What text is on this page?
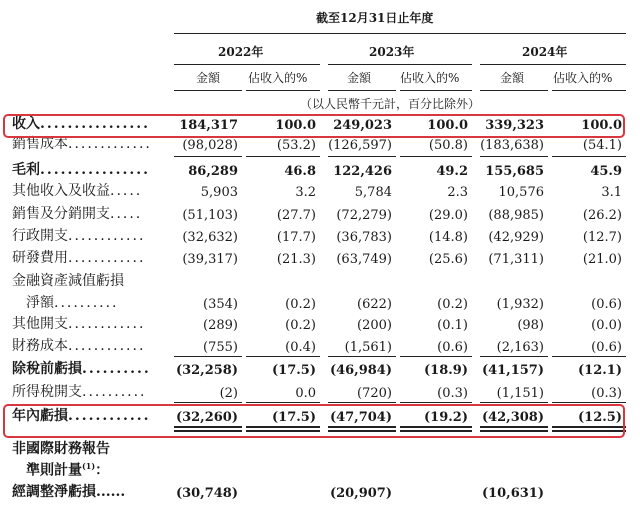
截至12月31日止年度
2022年	2023年	2024年
金額 佔收入的%	金額 佔收入的%	金額 佔收入的%
（以人民幣千元計，百分比除外）
收入................	184,317	100.0	249,023	100.0	339,323	100.0
銷售成本.............	(98,028)	(53.2) (126,597)	(50.8) (183,638)	(54.1)
毛利................	86,289	46.8	122,426	49.2	155,685	45.9
其他收入及收益.....	5,903	3.2	5,784	2.3	10,576	3.1
銷售及分銷開支.....	(51,103)	(27.7)	(72,279)	(29.0)	(88,985)	(26.2)
行政開支............	(32,632)	(17.7)	(36,783)	(14.8)	(42,929)	(12.7)
研發費用............	(39,317)	(21.3)	(63,749)	(25.6)	(71,311)	(21.0)
金融資產減值虧損
　淨額..........	(354)	(0.2)	(622)	(0.2)	(1,932)	(0.6)
其他開支............	(289)	(0.2)	(200)	(0.1)	(98)	(0.0)
財務成本............	(755)	(0.4)	(1,561)	(0.6)	(2,163)	(0.6)
除稅前虧損..........	(32,258)	(17.5)	(46,984)	(18.9)	(41,157)	(12.1)
所得稅開支..........	(2)	0.0	(720)	(0.3)	(1,151)	(0.3)
年內虧損............	(32,260)	(17.5)	(47,704)	(19.2)	(42,308)	(12.5)
非國際財務報告
準則計量$^{(1)}$：
經調整淨虧損......	(30,748)	(20,907)	(10,631)
